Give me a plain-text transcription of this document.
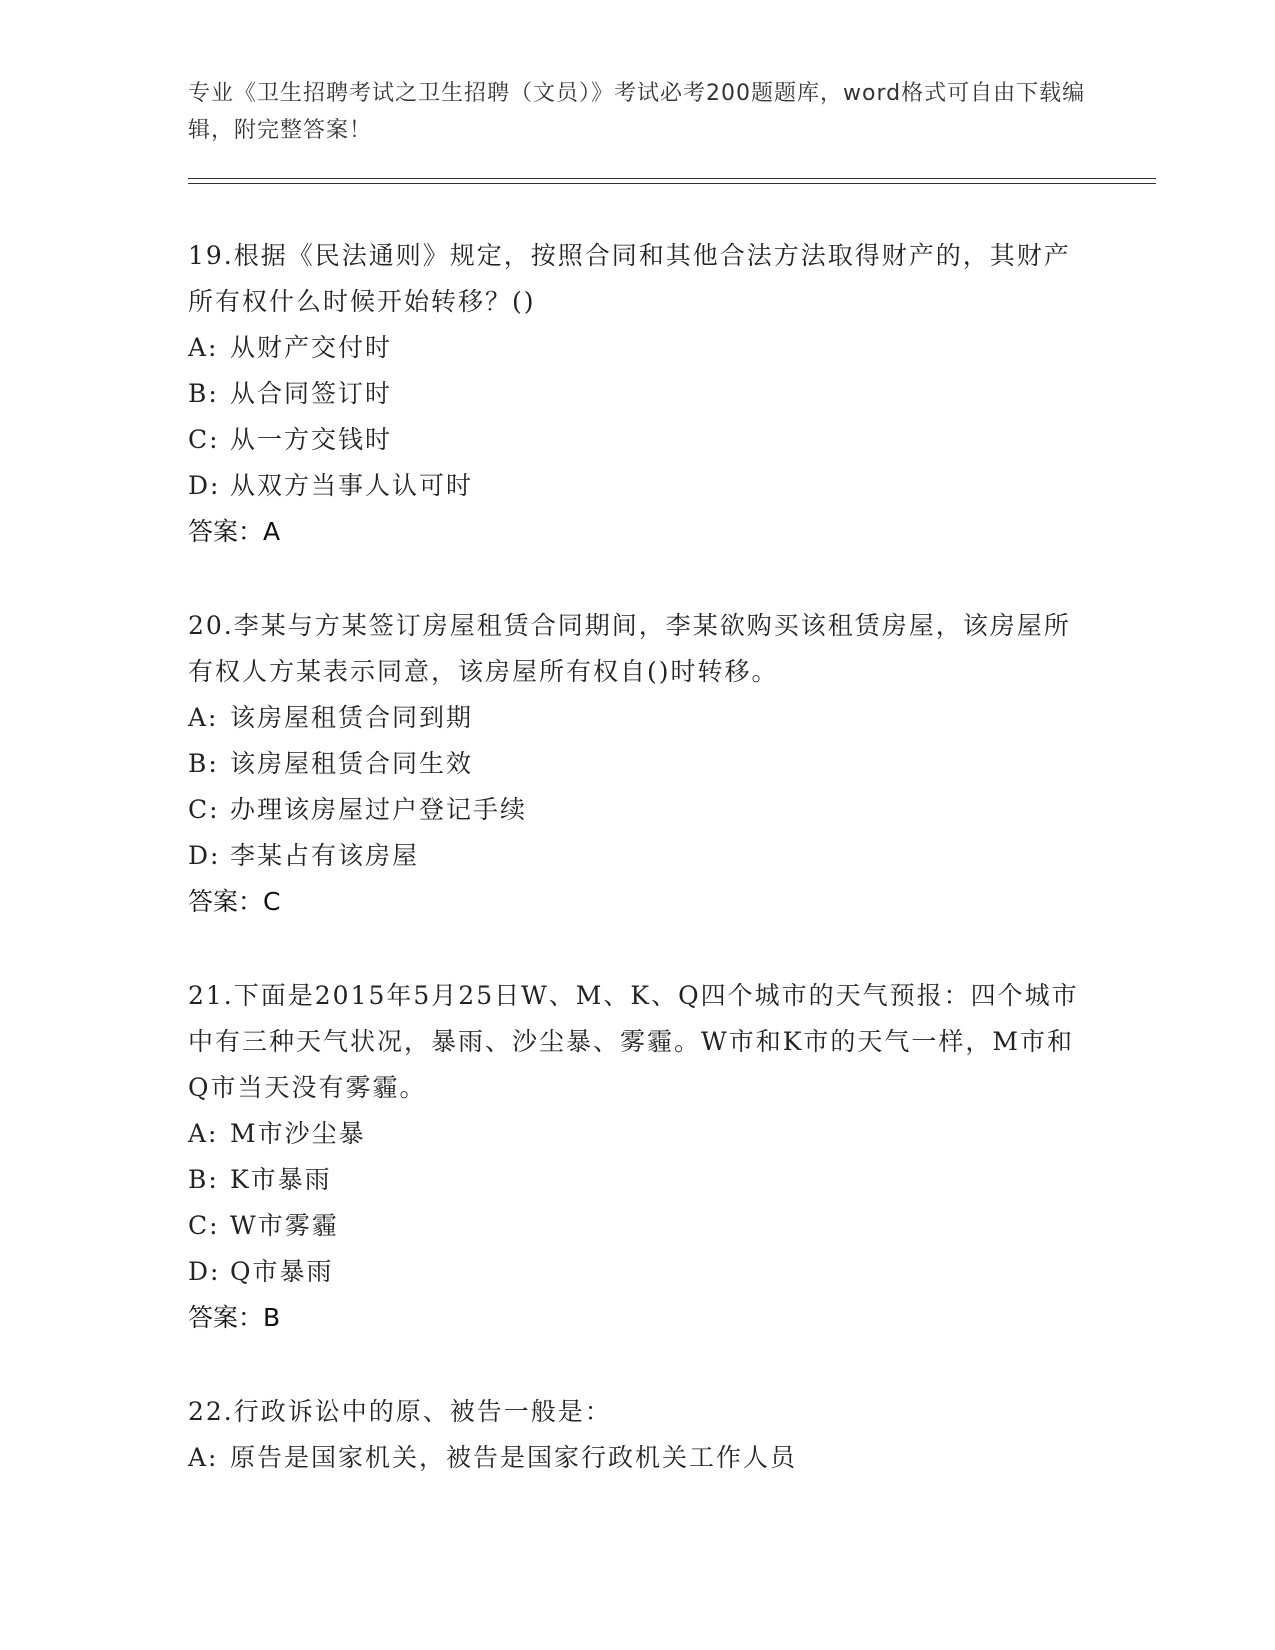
专业《卫生招聘考试之卫生招聘（文员）》考试必考200题题库，word格式可自由下载编辑，附完整答案！
19.根据《民法通则》规定，按照合同和其他合法方法取得财产的，其财产所有权什么时候开始转移？()
A: 从财产交付时
B: 从合同签订时
C: 从一方交钱时
D: 从双方当事人认可时
答案：A
20.李某与方某签订房屋租赁合同期间，李某欲购买该租赁房屋，该房屋所有权人方某表示同意，该房屋所有权自()时转移。
A: 该房屋租赁合同到期
B: 该房屋租赁合同生效
C: 办理该房屋过户登记手续
D: 李某占有该房屋
答案：C
21.下面是2015年5月25日W、M、K、Q四个城市的天气预报：四个城市中有三种天气状况，暴雨、沙尘暴、雾霾。W市和K市的天气一样，M市和Q市当天没有雾霾。
A: M市沙尘暴
B: K市暴雨
C: W市雾霾
D: Q市暴雨
答案：B
22.行政诉讼中的原、被告一般是：
A: 原告是国家机关，被告是国家行政机关工作人员
